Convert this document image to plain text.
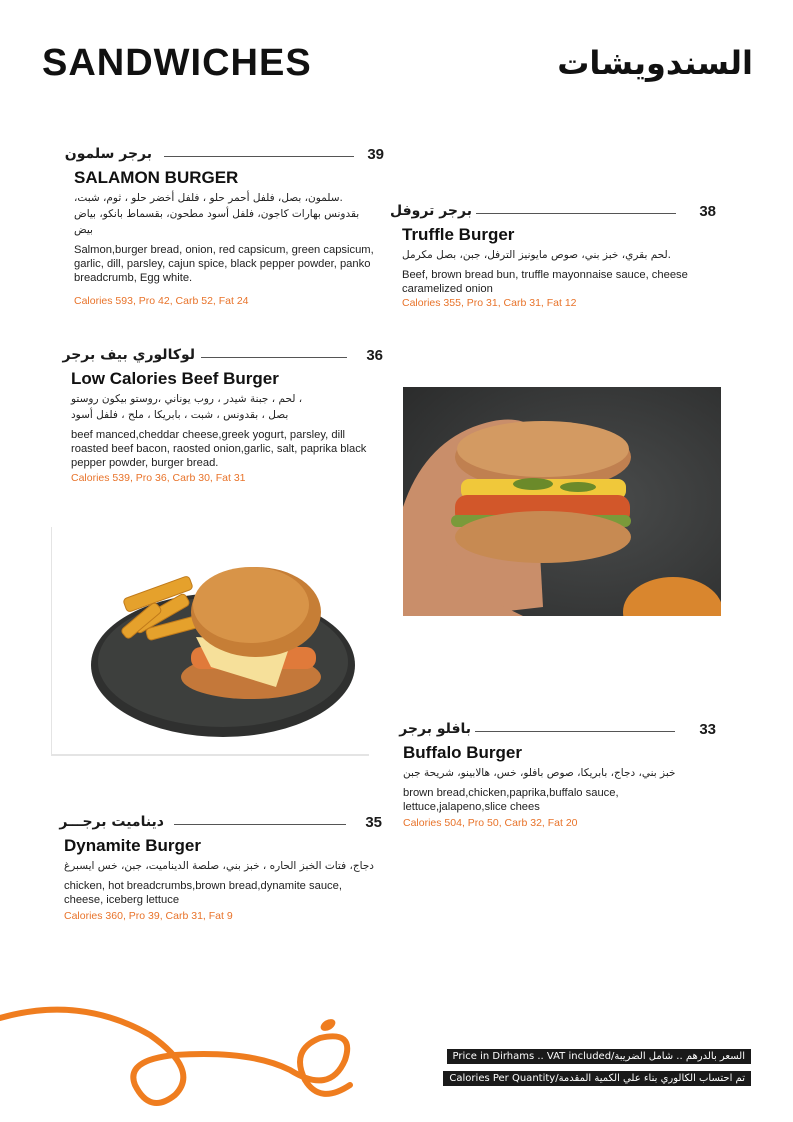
SANDWICHES	السندويشات
برجر سلمون	39
SALAMON BURGER
.سلمون، بصل، فلفل أحمر حلو ، فلفل أخضر حلو ، ثوم، شبت، بقدونس بهارات كاجون، فلفل أسود مطحون، بقسماط بانكو، بياض بيض
Salmon,burger bread, onion, red capsicum, green capsicum, garlic, dill, parsley, cajun spice, black pepper powder, panko breadcrumb, Egg white.
Calories 593, Pro 42, Carb 52, Fat 24
برجر تروفل	38
Truffle Burger
.لحم بقري، خبز بني، صوص مايونيز الترفل، جبن، بصل مكرمل
Beef, brown bread bun, truffle mayonnaise sauce, cheese caramelized onion
Calories 355, Pro 31, Carb 31, Fat 12
لوكالوري بيف برجر	36
Low Calories Beef Burger
، لحم ، جبنة شيدر ، روب يوناني ،روستو بيكون روستو بصل ، بقدونس ، شبت ، بابريكا ، ملح ، فلفل أسود
beef manced,cheddar cheese,greek yogurt, parsley, dill roasted beef bacon, raosted onion,garlic, salt, paprika black pepper powder, burger bread.
Calories 539, Pro 36, Carb 30, Fat 31
بافلو برجر	33
Buffalo Burger
خبز بني، دجاج، بابريكا، صوص بافلو، خس، هالابينو، شريحة جبن
brown bread,chicken,paprika,buffalo sauce, lettuce,jalapeno,slice chees
Calories 504, Pro 50, Carb 32, Fat 20
ديناميت برجـــر	35
Dynamite Burger
دجاج، فتات الخبز الحاره ، خبز بني، صلصة الديناميت، جبن، خس ايسبرغ
chicken, hot breadcrumbs,brown bread,dynamite sauce, cheese, iceberg lettuce
Calories 360, Pro 39, Carb 31, Fat 9
Price in Dirhams .. VAT included/السعر بالدرهم .. شامل الضريبة
Calories Per Quantity/تم احتساب الكالوري بناء علي الكمية المقدمة
